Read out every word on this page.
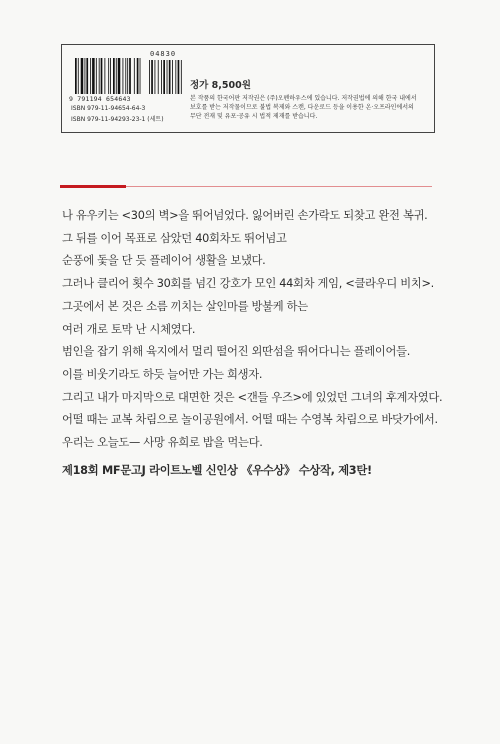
04830
9 791194 654643
ISBN 979-11-94654-64-3
ISBN 979-11-94293-23-1 (세트)
정가 8,500원

본 작품의 한국어판 저작권은 (주)오펜하우스에 있습니다. 저작권법에 의해 한국 내에서

보호를 받는 저작물이므로 불법 복제와 스캔, 다운로드 등을 이용한 온·오프라인에서의

무단 전재 및 유포·공유 시 법적 제재를 받습니다.

나 유우키는 <30의 벽>을 뛰어넘었다. 잃어버린 손가락도 되찾고 완전 복귀.

그 뒤를 이어 목표로 삼았던 40회차도 뛰어넘고

순풍에 돛을 단 듯 플레이어 생활을 보냈다.

그러나 클리어 횟수 30회를 넘긴 강호가 모인 44회차 게임, <클라우디 비치>.

그곳에서 본 것은 소름 끼치는 살인마를 방불케 하는

여러 개로 토막 난 시체였다.

범인을 잡기 위해 육지에서 멀리 떨어진 외딴섬을 뛰어다니는 플레이어들.

이를 비웃기라도 하듯 늘어만 가는 희생자.

그리고 내가 마지막으로 대면한 것은 <갠들 우즈>에 있었던 그녀의 후계자였다.

어떨 때는 교복 차림으로 놀이공원에서. 어떨 때는 수영복 차림으로 바닷가에서.

우리는 오늘도— 사망 유희로 밥을 먹는다.

제18회 MF문고J 라이트노벨 신인상 《우수상》 수상작, 제3탄!
